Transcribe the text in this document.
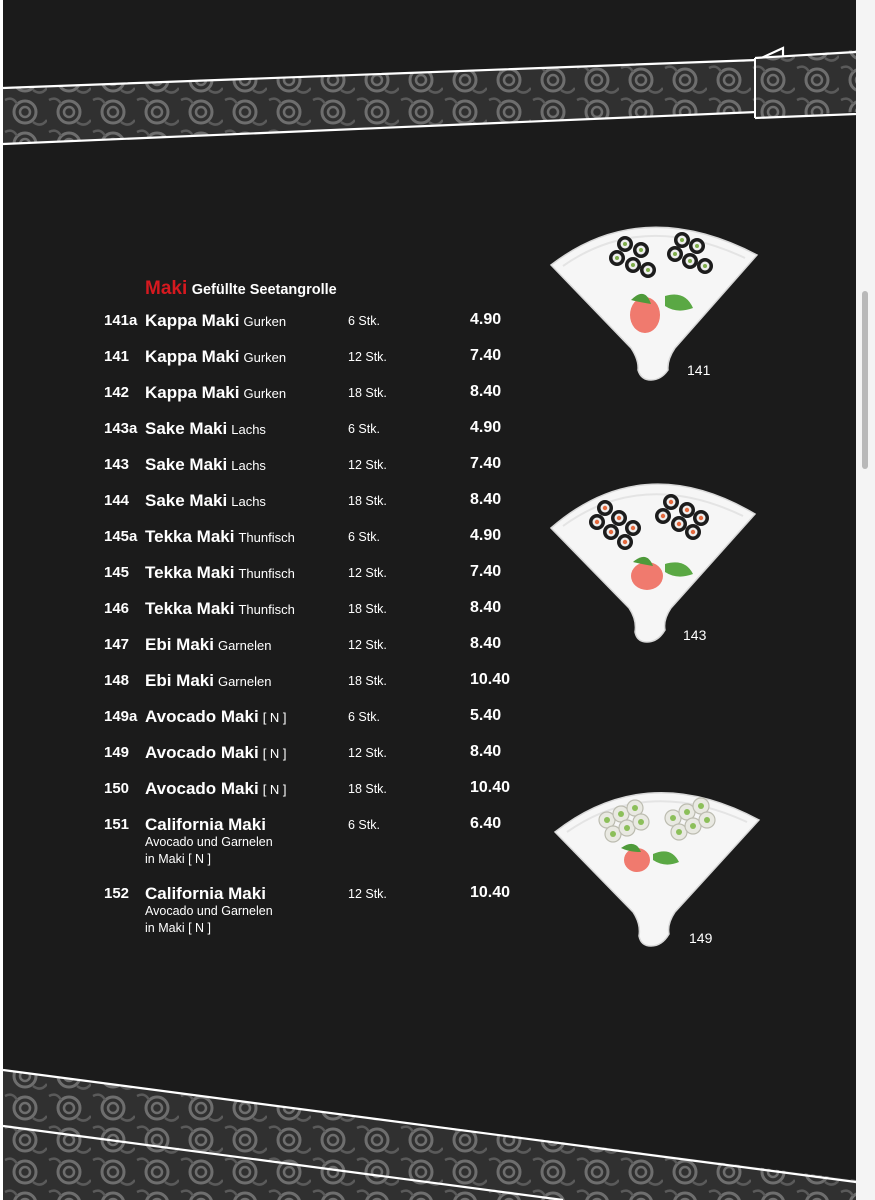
Maki Gefüllte Seetangrolle
141a Kappa Maki Gurken	6 Stk.	4.90
141 Kappa Maki Gurken	12 Stk.	7.40
142 Kappa Maki Gurken	18 Stk.	8.40
143a Sake Maki Lachs	6 Stk.	4.90
143 Sake Maki Lachs	12 Stk.	7.40
144 Sake Maki Lachs	18 Stk.	8.40
145a Tekka Maki Thunfisch	6 Stk.	4.90
145 Tekka Maki Thunfisch	12 Stk.	7.40
146 Tekka Maki Thunfisch	18 Stk.	8.40
147 Ebi Maki Garnelen	12 Stk.	8.40
148 Ebi Maki Garnelen	18 Stk.	10.40
149a Avocado Maki [ N ]	6 Stk.	5.40
149 Avocado Maki [ N ]	12 Stk.	8.40
150 Avocado Maki [ N ]	18 Stk.	10.40
151 California Maki	6 Stk.	6.40
Avocado und Garnelen
in Maki [ N ]
152 California Maki	12 Stk.	10.40
Avocado und Garnelen
in Maki [ N ]
141
143
149
